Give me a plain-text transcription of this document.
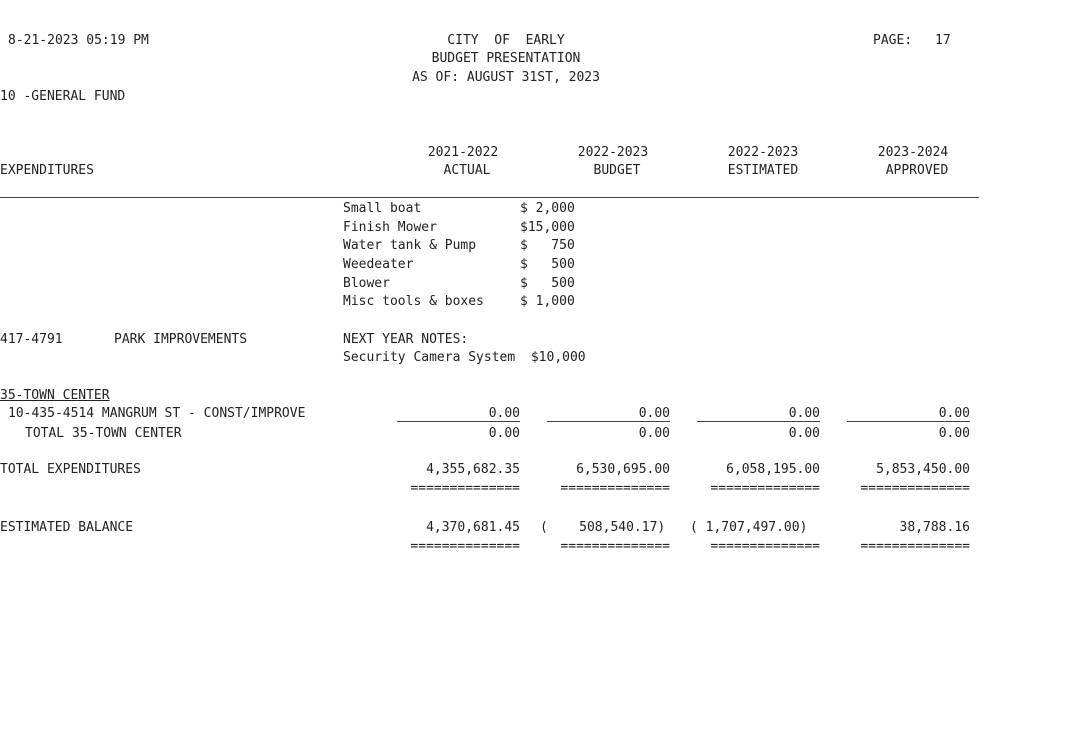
8-21-2023 05:19 PM	CITY  OF  EARLY
BUDGET PRESENTATION
AS OF: AUGUST 31ST, 2023
PAGE: 17
10 -GENERAL FUND
2021-2022
ACTUAL
2022-2023
BUDGET
2022-2023
ESTIMATED
2023-2024
APPROVED
EXPENDITURES
Small boat	$ 2,000
Finish Mower	$15,000
Water tank & Pump	$   750
Weedeater	$   500
Blower	$   500
Misc tools & boxes	$ 1,000
417-4791	PARK IMPROVEMENTS	NEXT YEAR NOTES:
Security Camera System  $10,000
35-TOWN CENTER
10-435-4514 MANGRUM ST - CONST/IMPROVE	0.00	0.00	0.00	0.00
TOTAL 35-TOWN CENTER	0.00	0.00	0.00	0.00
TOTAL EXPENDITURES	4,355,682.35	6,530,695.00	6,058,195.00	5,853,450.00
==============	==============	==============	==============
ESTIMATED BALANCE	4,370,681.45 (    508,540.17) ( 1,707,497.00)	38,788.16
==============	==============	==============	==============
